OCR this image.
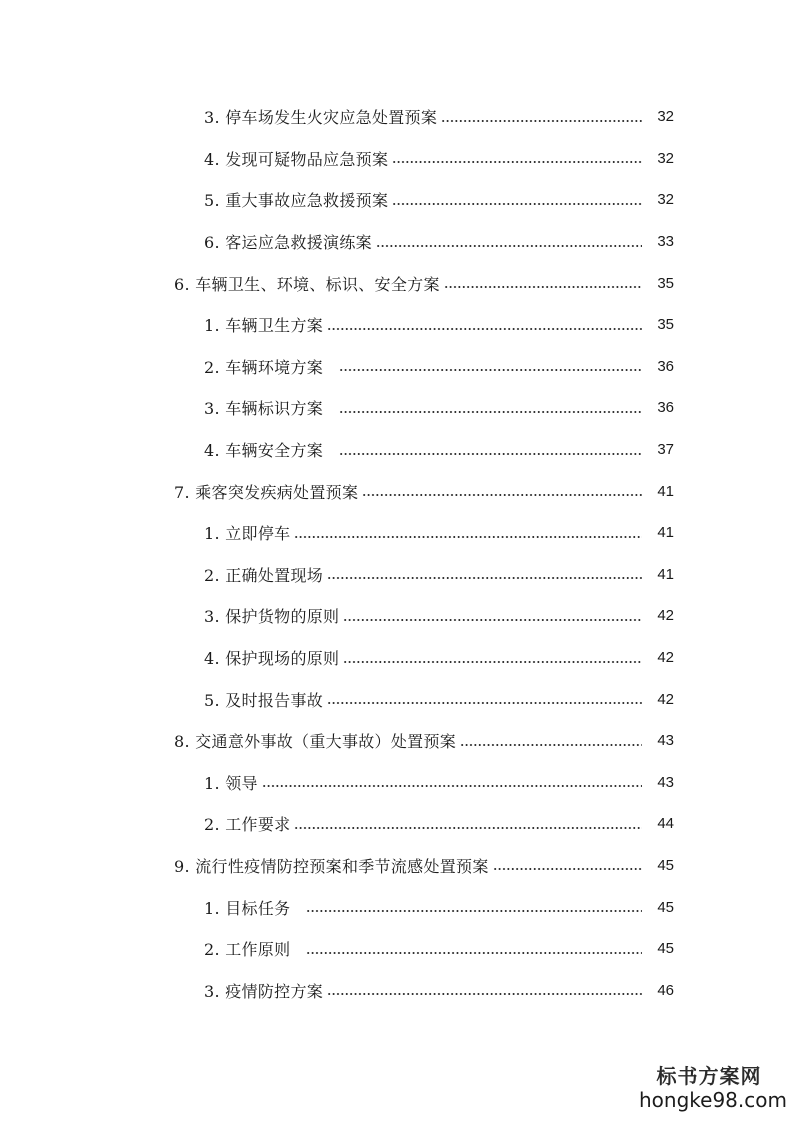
3. 停车场发生火灾应急处置预案	32
4. 发现可疑物品应急预案	32
5. 重大事故应急救援预案	32
6. 客运应急救援演练案	33
6. 车辆卫生、环境、标识、安全方案	35
1. 车辆卫生方案	35
2. 车辆环境方案	36
3. 车辆标识方案	36
4. 车辆安全方案	37
7. 乘客突发疾病处置预案	41
1. 立即停车	41
2. 正确处置现场	41
3. 保护货物的原则	42
4. 保护现场的原则	42
5. 及时报告事故	42
8. 交通意外事故（重大事故）处置预案	43
1. 领导	43
2. 工作要求	44
9. 流行性疫情防控预案和季节流感处置预案	45
1. 目标任务	45
2. 工作原则	45
3. 疫情防控方案	46
标书方案网
hongke98.com
